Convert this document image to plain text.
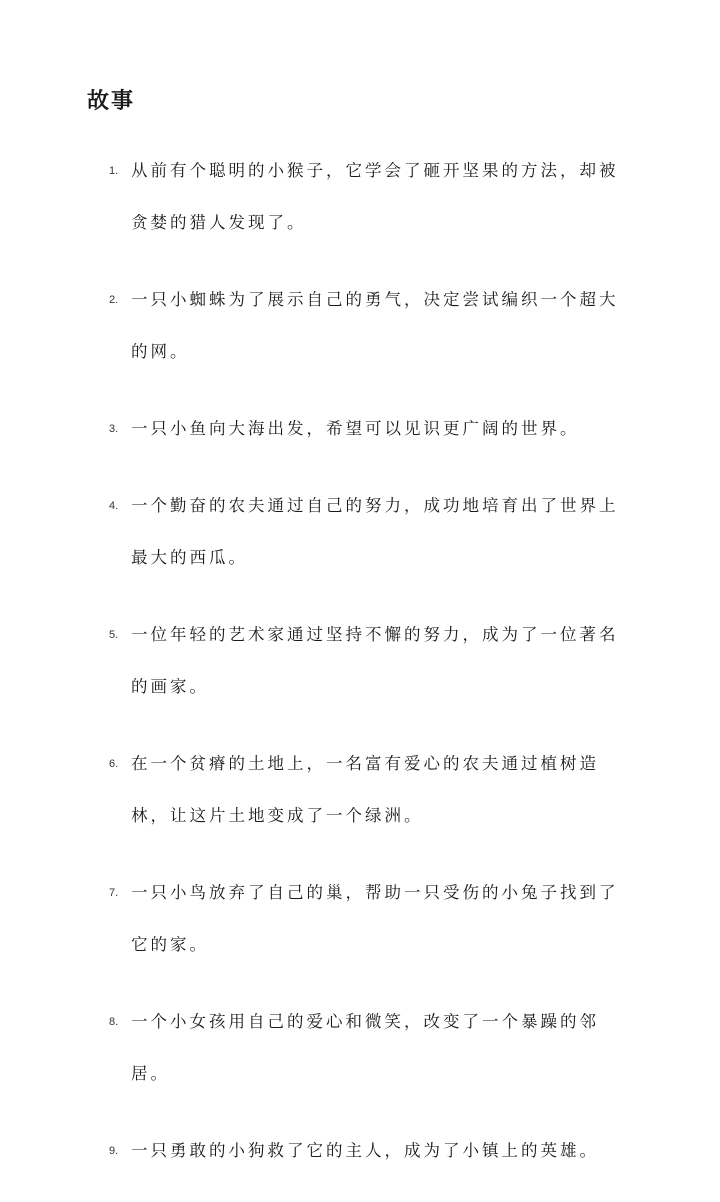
故事
1. 从前有个聪明的小猴子，它学会了砸开坚果的方法，却被贪婪的猎人发现了。
2. 一只小蜘蛛为了展示自己的勇气，决定尝试编织一个超大的网。
3. 一只小鱼向大海出发，希望可以见识更广阔的世界。
4. 一个勤奋的农夫通过自己的努力，成功地培育出了世界上最大的西瓜。
5. 一位年轻的艺术家通过坚持不懈的努力，成为了一位著名的画家。
6. 在一个贫瘠的土地上，一名富有爱心的农夫通过植树造林，让这片土地变成了一个绿洲。
7. 一只小鸟放弃了自己的巢，帮助一只受伤的小兔子找到了它的家。
8. 一个小女孩用自己的爱心和微笑，改变了一个暴躁的邻居。
9. 一只勇敢的小狗救了它的主人，成为了小镇上的英雄。
